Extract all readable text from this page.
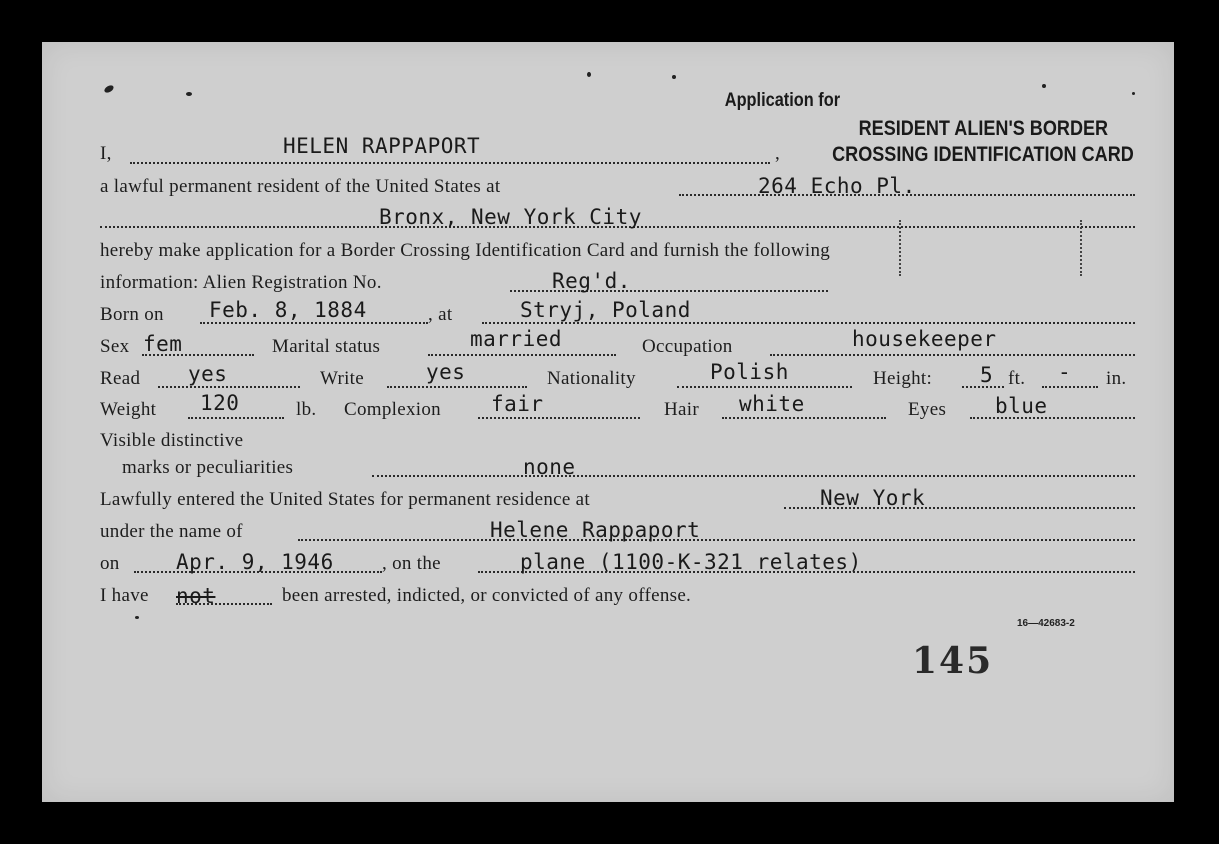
Application for
RESIDENT ALIEN'S BORDER
CROSSING IDENTIFICATION CARD
I,	HELEN RAPPAPORT	,
a lawful permanent resident of the United States at	264 Echo Pl.
Bronx, New York City
hereby make application for a Border Crossing Identification Card and furnish the following
information: Alien Registration No.	Reg'd.
Born on Feb. 8, 1884	, at	Stryj, Poland
Sex fem	Marital status	married	Occupation	housekeeper
Read yes	Write	yes	Nationality	Polish	Height: 5 ft. - in.
Weight 120	lb. Complexion fair	Hair white	Eyes blue
Visible distinctive
marks or peculiarities	none
Lawfully entered the United States for permanent residence at	New York
under the name of	Helene Rappaport
on	Apr. 9, 1946	, on the	plane (1100-K-321 relates)
I have not	been arrested, indicted, or convicted of any offense.
16—42683-2
145
